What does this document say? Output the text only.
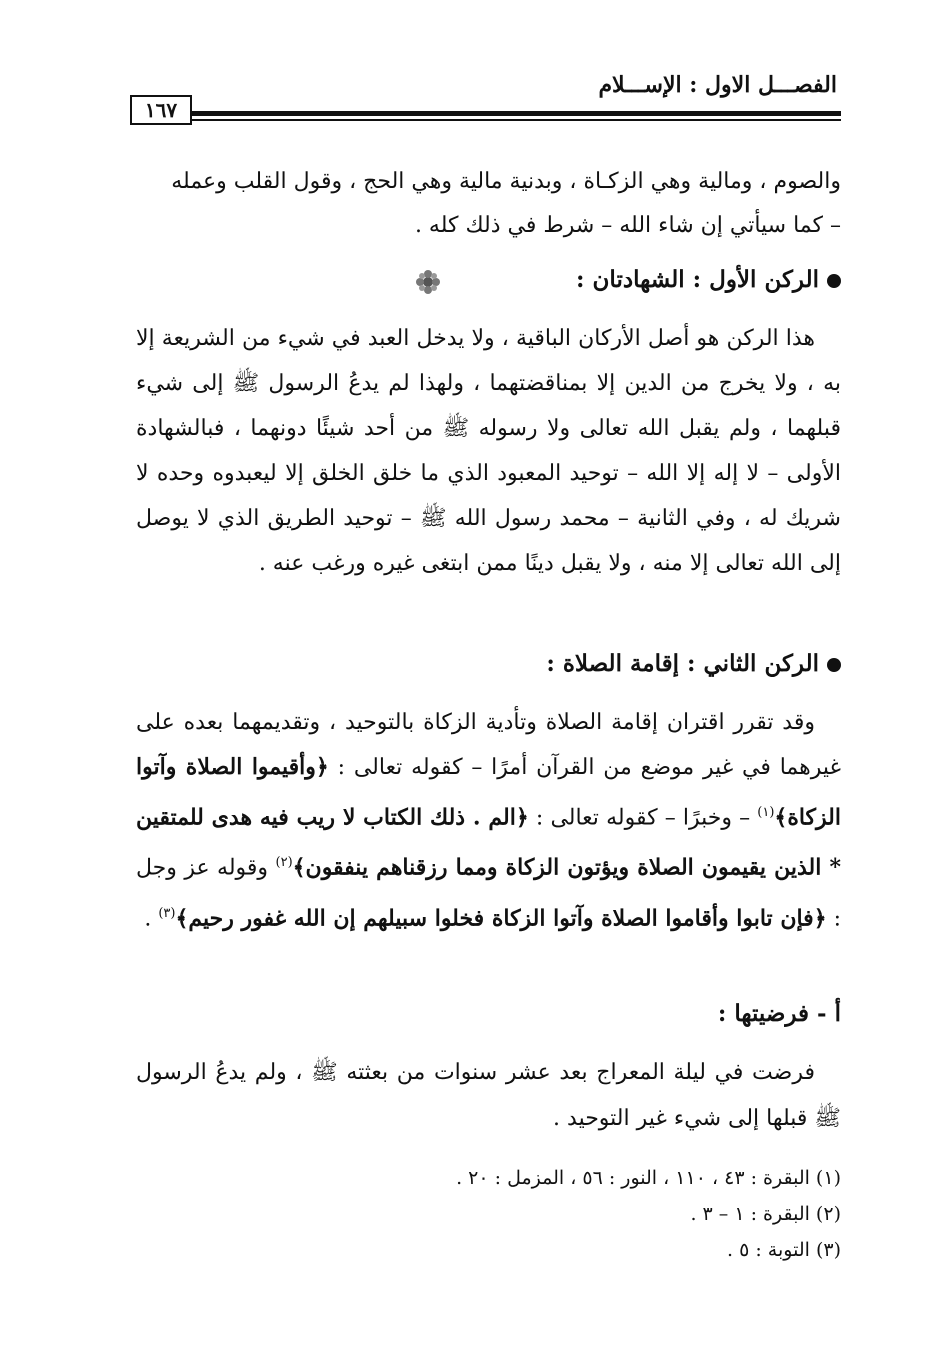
الفصـــل الاول : الإســـلام
١٦٧

والصوم ، ومالية وهي الزكـاة ، وبدنية مالية وهي الحج ، وقول القلب وعمله

– كما سيأتي إن شاء الله – شرط في ذلك كله .

الركن الأول : الشهادتان :

هذا الركن هو أصل الأركان الباقية ، ولا يدخل العبد في شيء من الشريعة إلا به ، ولا يخرج من الدين إلا بمناقضتهما ، ولهذا لم يدعُ الرسول ﷺ إلى شيء قبلهما ، ولم يقبل الله تعالى ولا رسوله ﷺ من أحد شيئًا دونهما ، فبالشهادة الأولى – لا إله إلا الله – توحيد المعبود الذي ما خلق الخلق إلا ليعبدوه وحده لا شريك له ، وفي الثانية – محمد رسول الله ﷺ – توحيد الطريق الذي لا يوصل إلى الله تعالى إلا منه ، ولا يقبل دينًا ممن ابتغى غيره ورغب عنه .

الركن الثاني : إقامة الصلاة :

وقد تقرر اقتران إقامة الصلاة وتأدية الزكاة بالتوحيد ، وتقديمهما بعده على غيرهما في غير موضع من القرآن أمرًا – كقوله تعالى : ﴿وأقيموا الصلاة وآتوا الزكاة﴾$^{(١)}$ – وخبرًا – كقوله تعالى : ﴿الم . ذلك الكتاب لا ريب فيه هدى للمتقين * الذين يقيمون الصلاة ويؤتون الزكاة ومما رزقناهم ينفقون﴾$^{(٢)}$ وقوله عز وجل : ﴿فإن تابوا وأقاموا الصلاة وآتوا الزكاة فخلوا سبيلهم إن الله غفور رحيم﴾$^{(٣)}$ .

أ - فرضيتها :

فرضت في ليلة المعراج بعد عشر سنوات من بعثته ﷺ ، ولم يدعُ الرسول ﷺ قبلها إلى شيء غير التوحيد .

(١) البقرة : ٤٣ ، ١١٠ ، النور : ٥٦ ، المزمل : ٢٠ .
(٢) البقرة : ١ – ٣ .
(٣) التوبة : ٥ .
